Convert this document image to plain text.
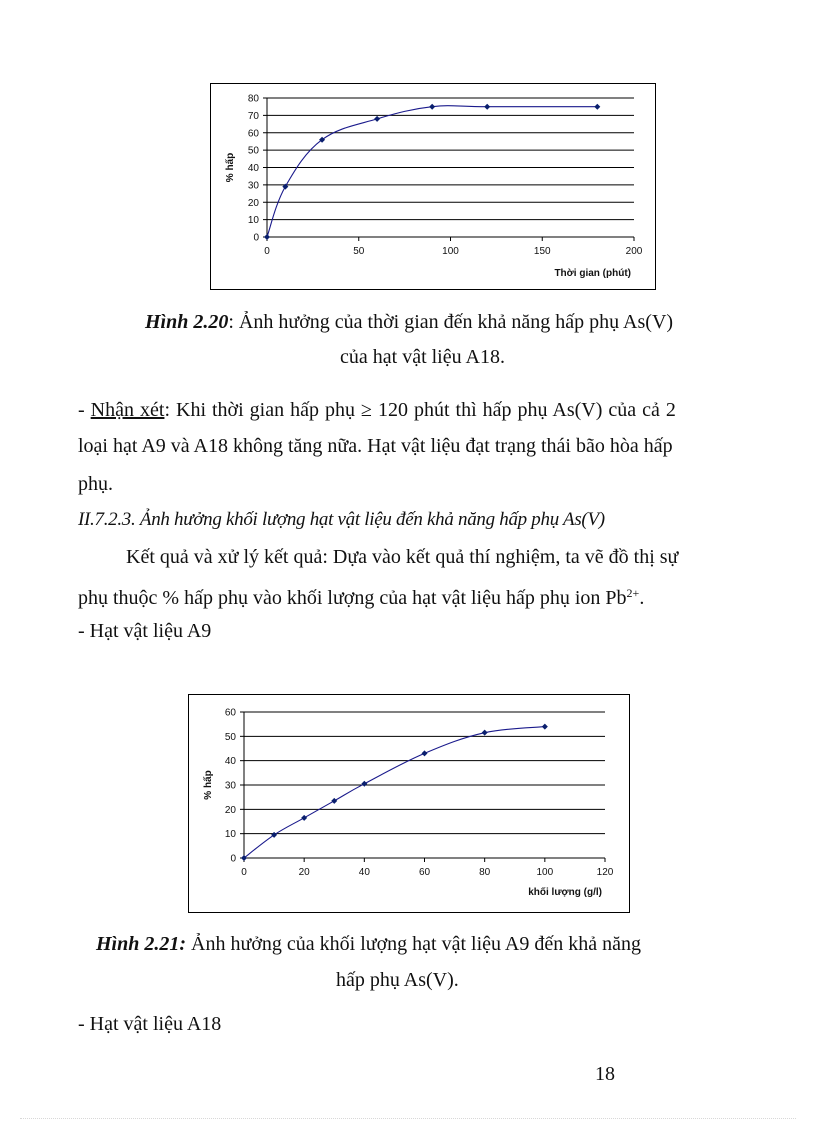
0
10
20
30
40
50
60
70
80
0	50	100	150	200
Thời gian (phút)
% hấp
Hình 2.20: Ảnh hưởng của thời gian đến khả năng hấp phụ As(V)
của hạt vật liệu A18.
- Nhận xét: Khi thời gian hấp phụ ≥ 120 phút thì hấp phụ As(V) của cả 2
loại hạt A9 và A18 không tăng nữa. Hạt vật liệu đạt trạng thái bão hòa hấp
phụ.
II.7.2.3. Ảnh hưởng khối lượng hạt vật liệu đến khả năng hấp phụ As(V)
Kết quả và xử lý kết quả: Dựa vào kết quả thí nghiệm, ta vẽ đồ thị sự
phụ thuộc % hấp phụ vào khối lượng của hạt vật liệu hấp phụ ion $Pb^{2+}$.
- Hạt vật liệu A9
0
10
20
30
40
50
60
0	20	40	60	80	100	120
khối lượng (g/l)
% hấp
Hình 2.21: Ảnh hưởng của khối lượng hạt vật liệu A9 đến khả năng
hấp phụ As(V).
- Hạt vật liệu A18
18
